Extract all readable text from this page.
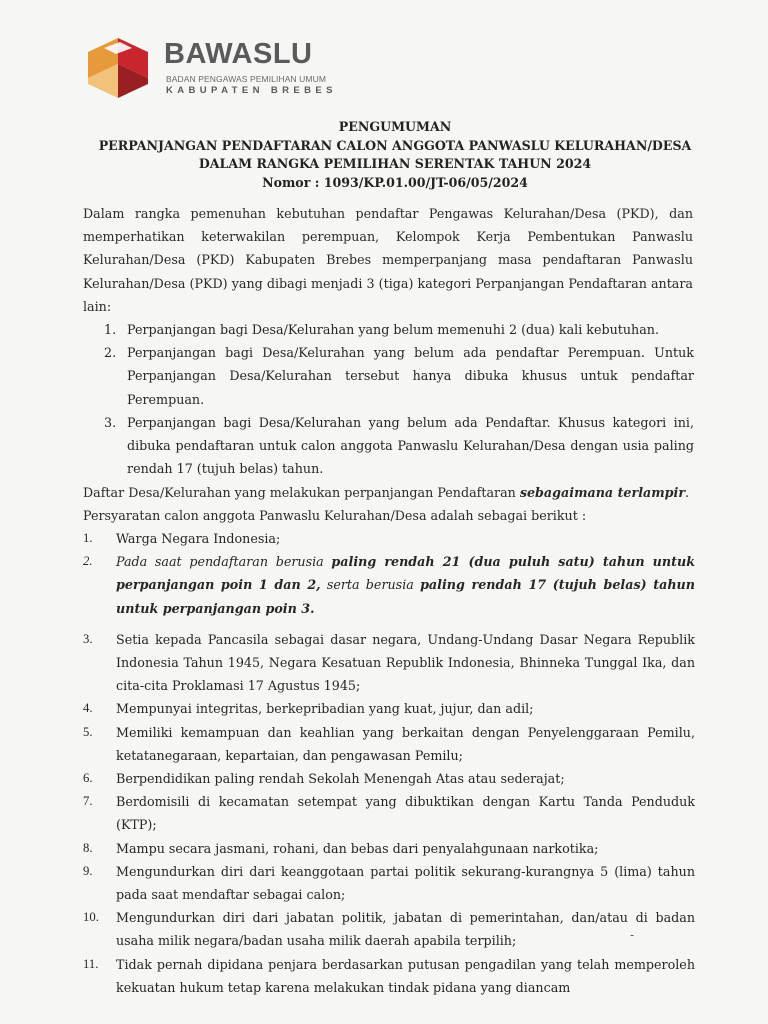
BAWASLU
BADAN PENGAWAS PEMILIHAN UMUM
KABUPATEN BREBES
PENGUMUMAN
PERPANJANGAN PENDAFTARAN CALON ANGGOTA PANWASLU KELURAHAN/DESA
DALAM RANGKA PEMILIHAN SERENTAK TAHUN 2024
Nomor : 1093/KP.01.00/JT-06/05/2024
Dalam rangka pemenuhan kebutuhan pendaftar Pengawas Kelurahan/Desa (PKD), dan memperhatikan keterwakilan perempuan, Kelompok Kerja Pembentukan Panwaslu Kelurahan/Desa (PKD) Kabupaten Brebes memperpanjang masa pendaftaran Panwaslu Kelurahan/Desa (PKD) yang dibagi menjadi 3 (tiga) kategori Perpanjangan Pendaftaran antara lain:
1. Perpanjangan bagi Desa/Kelurahan yang belum memenuhi 2 (dua) kali kebutuhan.
2. Perpanjangan bagi Desa/Kelurahan yang belum ada pendaftar Perempuan. Untuk Perpanjangan Desa/Kelurahan tersebut hanya dibuka khusus untuk pendaftar Perempuan.
3. Perpanjangan bagi Desa/Kelurahan yang belum ada Pendaftar. Khusus kategori ini, dibuka pendaftaran untuk calon anggota Panwaslu Kelurahan/Desa dengan usia paling rendah 17 (tujuh belas) tahun.

Daftar Desa/Kelurahan yang melakukan perpanjangan Pendaftaran sebagaimana terlampir.

Persyaratan calon anggota Panwaslu Kelurahan/Desa adalah sebagai berikut :

1. Warga Negara Indonesia;
2. Pada saat pendaftaran berusia paling rendah 21 (dua puluh satu) tahun untuk perpanjangan poin 1 dan 2, serta berusia paling rendah 17 (tujuh belas) tahun untuk perpanjangan poin 3.
3. Setia kepada Pancasila sebagai dasar negara, Undang-Undang Dasar Negara Republik Indonesia Tahun 1945, Negara Kesatuan Republik Indonesia, Bhinneka Tunggal Ika, dan cita-cita Proklamasi 17 Agustus 1945;
4. Mempunyai integritas, berkepribadian yang kuat, jujur, dan adil;
5. Memiliki kemampuan dan keahlian yang berkaitan dengan Penyelenggaraan Pemilu, ketatanegaraan, kepartaian, dan pengawasan Pemilu;
6. Berpendidikan paling rendah Sekolah Menengah Atas atau sederajat;
7. Berdomisili di kecamatan setempat yang dibuktikan dengan Kartu Tanda Penduduk (KTP);
8. Mampu secara jasmani, rohani, dan bebas dari penyalahgunaan narkotika;
9. Mengundurkan diri dari keanggotaan partai politik sekurang-kurangnya 5 (lima) tahun pada saat mendaftar sebagai calon;
10. Mengundurkan diri dari jabatan politik, jabatan di pemerintahan, dan/atau di badan usaha milik negara/badan usaha milik daerah apabila terpilih;
11. Tidak pernah dipidana penjara berdasarkan putusan pengadilan yang telah memperoleh kekuatan hukum tetap karena melakukan tindak pidana yang diancam
-
